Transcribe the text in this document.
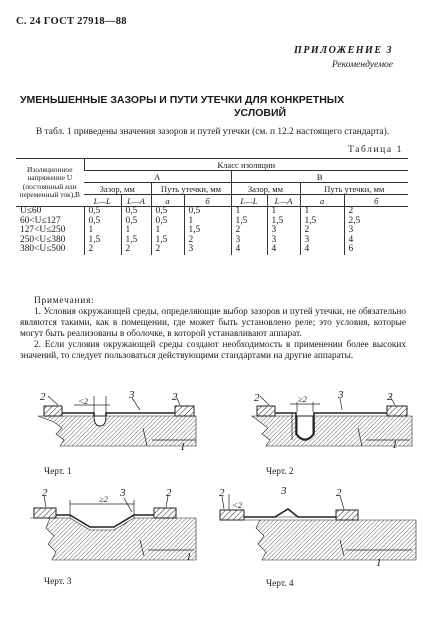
С. 24 ГОСТ 27918—88
ПРИЛОЖЕНИЕ 3
Рекомендуемое
УМЕНЬШЕННЫЕ ЗАЗОРЫ И ПУТИ УТЕЧКИ ДЛЯ КОНКРЕТНЫХ
УСЛОВИЙ
В табл. 1 приведены значения зазоров и путей утечки (см. п 12.2 настоящего стандарта).
Таблица 1
Изоляционное напряжение U (постоянный или переменный ток),В	Класс изоляции							
	A				B			
	Зазор, мм		Путь утечки, мм		Зазор, мм		Путь утечки, мм	
	L—L	L—A	a	б	L—L	L—A	a	б
U≤60	0,5	0,5	0,5	0,5	1	1	1	2
60<U≤127	0,5	0,5	0,5	1	1,5	1,5	1,5	2,5
127<U≤250	1	1	1	1,5	2	3	2	3
250<U≤380	1,5	1,5	1,5	2	3	3	3	4
380<U≤500	2	2	2	3	4	4	4	6
Примечания:

1. Условия окружающей среды, определяющие выбор зазоров и путей утечки, не обязательно являются такими, как в помещении, где может быть установлено реле; это условия, которые могут быть реализованы в оболочке, в которой устанавливают аппарат.

2. Если условия окружающей среды создают необходимость в применении более высоких значений, то следует пользоваться действующими стандартами на другие аппараты.

2	<2	3	2
1
Черт. 1
2	≥2	3	2
1
Черт. 2
2	≥2 3	2
1
Черт. 3
2
<2
3	2
1
Черт. 4
